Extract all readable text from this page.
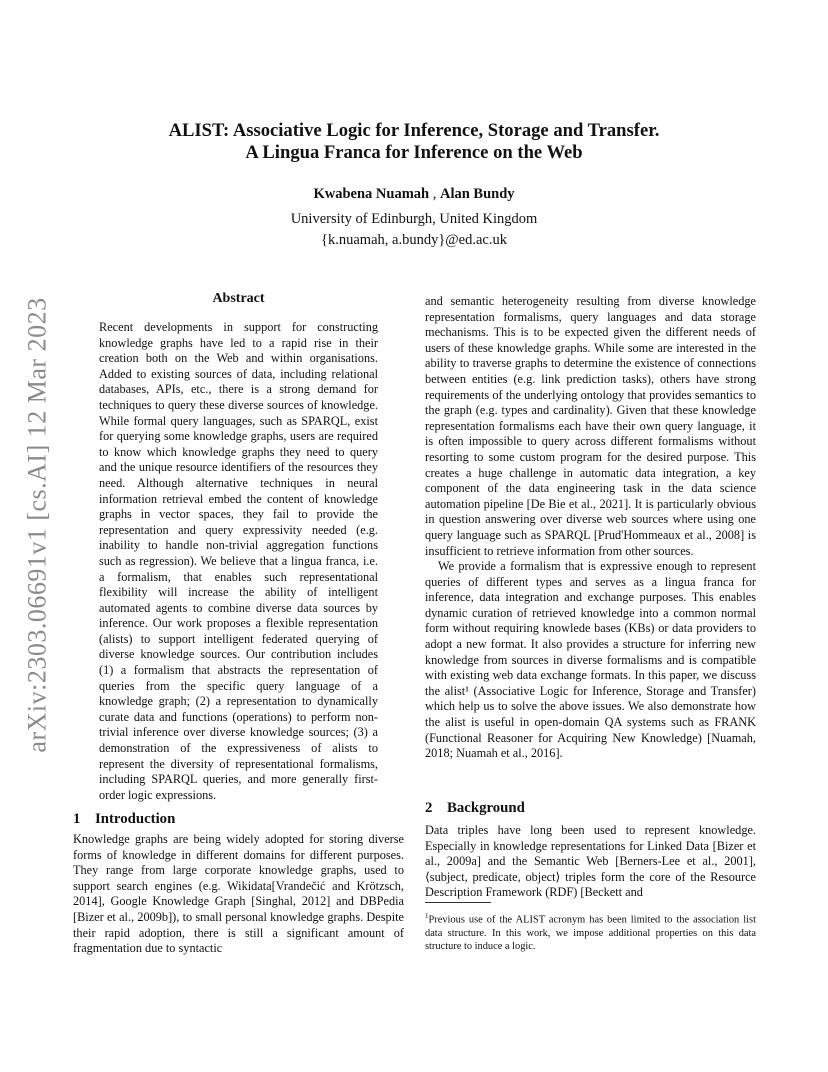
arXiv:2303.06691v1 [cs.AI] 12 Mar 2023
ALIST: Associative Logic for Inference, Storage and Transfer.
A Lingua Franca for Inference on the Web
Kwabena Nuamah , Alan Bundy
University of Edinburgh, United Kingdom
{k.nuamah, a.bundy}@ed.ac.uk
Abstract

Recent developments in support for constructing knowledge graphs have led to a rapid rise in their creation both on the Web and within organisations. Added to existing sources of data, including relational databases, APIs, etc., there is a strong demand for techniques to query these diverse sources of knowledge. While formal query languages, such as SPARQL, exist for querying some knowledge graphs, users are required to know which knowledge graphs they need to query and the unique resource identifiers of the resources they need. Although alternative techniques in neural information retrieval embed the content of knowledge graphs in vector spaces, they fail to provide the representation and query expressivity needed (e.g. inability to handle non-trivial aggregation functions such as regression). We believe that a lingua franca, i.e. a formalism, that enables such representational flexibility will increase the ability of intelligent automated agents to combine diverse data sources by inference. Our work proposes a flexible representation (alists) to support intelligent federated querying of diverse knowledge sources. Our contribution includes (1) a formalism that abstracts the representation of queries from the specific query language of a knowledge graph; (2) a representation to dynamically curate data and functions (operations) to perform non-trivial inference over diverse knowledge sources; (3) a demonstration of the expressiveness of alists to represent the diversity of representational formalisms, including SPARQL queries, and more generally first-order logic expressions.

1 Introduction

Knowledge graphs are being widely adopted for storing diverse forms of knowledge in different domains for different purposes. They range from large corporate knowledge graphs, used to support search engines (e.g. Wikidata[Vrandečić and Krötzsch, 2014], Google Knowledge Graph [Singhal, 2012] and DBPedia [Bizer et al., 2009b]), to small personal knowledge graphs. Despite their rapid adoption, there is still a significant amount of fragmentation due to syntactic

and semantic heterogeneity resulting from diverse knowledge representation formalisms, query languages and data storage mechanisms. This is to be expected given the different needs of users of these knowledge graphs. While some are interested in the ability to traverse graphs to determine the existence of connections between entities (e.g. link prediction tasks), others have strong requirements of the underlying ontology that provides semantics to the graph (e.g. types and cardinality). Given that these knowledge representation formalisms each have their own query language, it is often impossible to query across different formalisms without resorting to some custom program for the desired purpose. This creates a huge challenge in automatic data integration, a key component of the data engineering task in the data science automation pipeline [De Bie et al., 2021]. It is particularly obvious in question answering over diverse web sources where using one query language such as SPARQL [Prud'Hommeaux et al., 2008] is insufficient to retrieve information from other sources.

We provide a formalism that is expressive enough to represent queries of different types and serves as a lingua franca for inference, data integration and exchange purposes. This enables dynamic curation of retrieved knowledge into a common normal form without requiring knowlede bases (KBs) or data providers to adopt a new format. It also provides a structure for inferring new knowledge from sources in diverse formalisms and is compatible with existing web data exchange formats. In this paper, we discuss the alist¹ (Associative Logic for Inference, Storage and Transfer) which help us to solve the above issues. We also demonstrate how the alist is useful in open-domain QA systems such as FRANK (Functional Reasoner for Acquiring New Knowledge) [Nuamah, 2018; Nuamah et al., 2016].

2 Background

Data triples have long been used to represent knowledge. Especially in knowledge representations for Linked Data [Bizer et al., 2009a] and the Semantic Web [Berners-Lee et al., 2001], ⟨subject, predicate, object⟩ triples form the core of the Resource Description Framework (RDF) [Beckett and

$^1$Previous use of the ALIST acronym has been limited to the association list data structure. In this work, we impose additional properties on this data structure to induce a logic.
